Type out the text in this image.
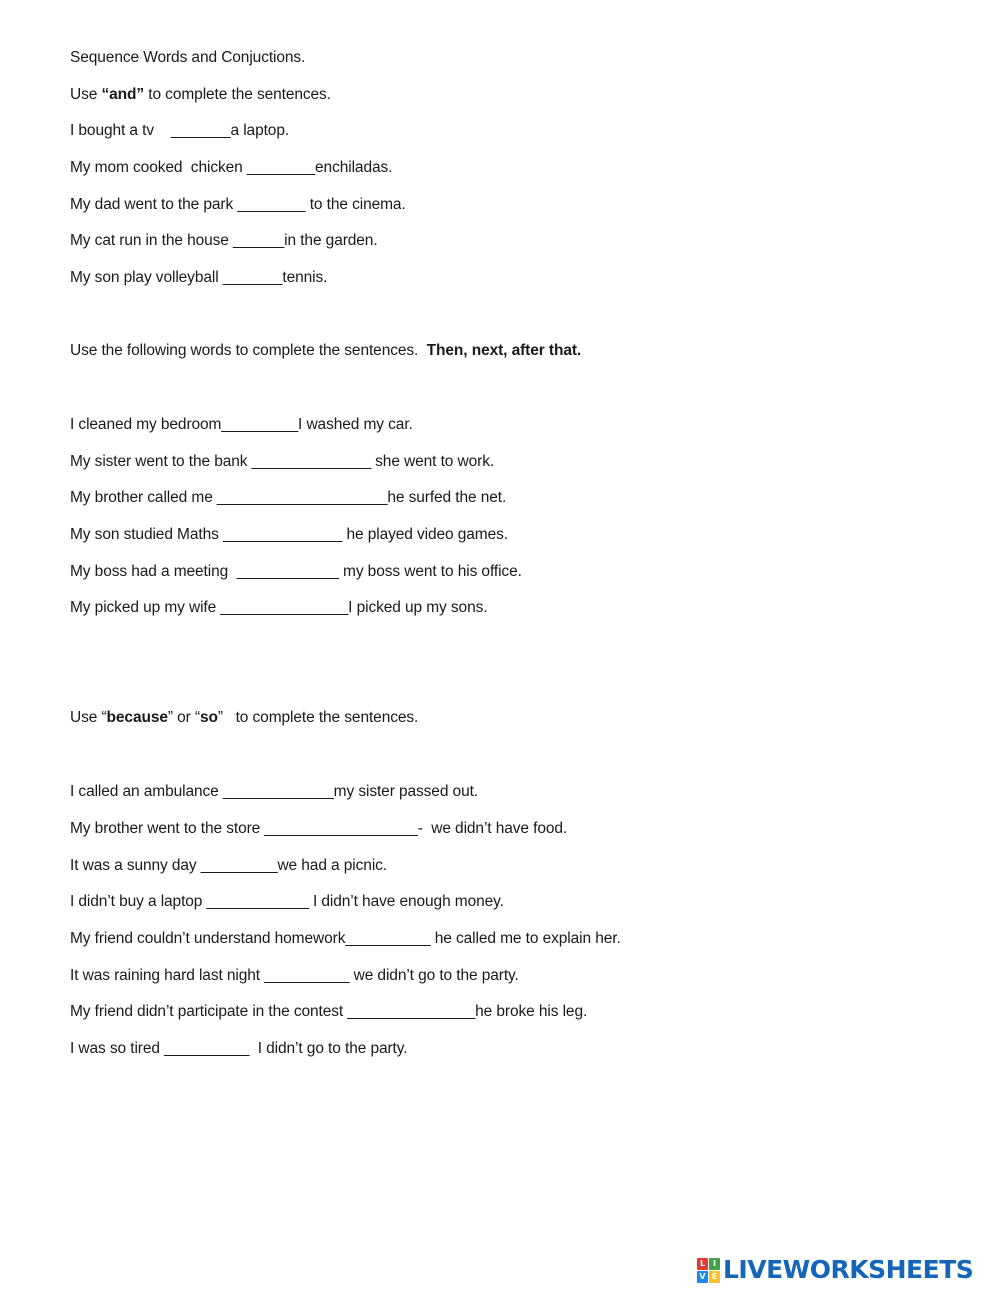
Sequence Words and Conjuctions.
Use “and” to complete the sentences.
I bought a tv    _______a laptop.
My mom cooked  chicken ________enchiladas.
My dad went to the park ________ to the cinema.
My cat run in the house ______in the garden.
My son play volleyball _______tennis.
Use the following words to complete the sentences.  Then, next, after that.
I cleaned my bedroom_________I washed my car.
My sister went to the bank ______________ she went to work.
My brother called me ____________________he surfed the net.
My son studied Maths ______________ he played video games.
My boss had a meeting  ____________ my boss went to his office.
My picked up my wife _______________I picked up my sons.
Use “because” or “so”   to complete the sentences.
I called an ambulance _____________my sister passed out.
My brother went to the store __________________-  we didn’t have food.
It was a sunny day _________we had a picnic.
I didn’t buy a laptop ____________ I didn’t have enough money.
My friend couldn’t understand homework__________ he called me to explain her.
It was raining hard last night __________ we didn’t go to the party.
My friend didn’t participate in the contest _______________he broke his leg.
I was so tired __________  I didn’t go to the party.
L I
V E LIVEWORKSHEETS
